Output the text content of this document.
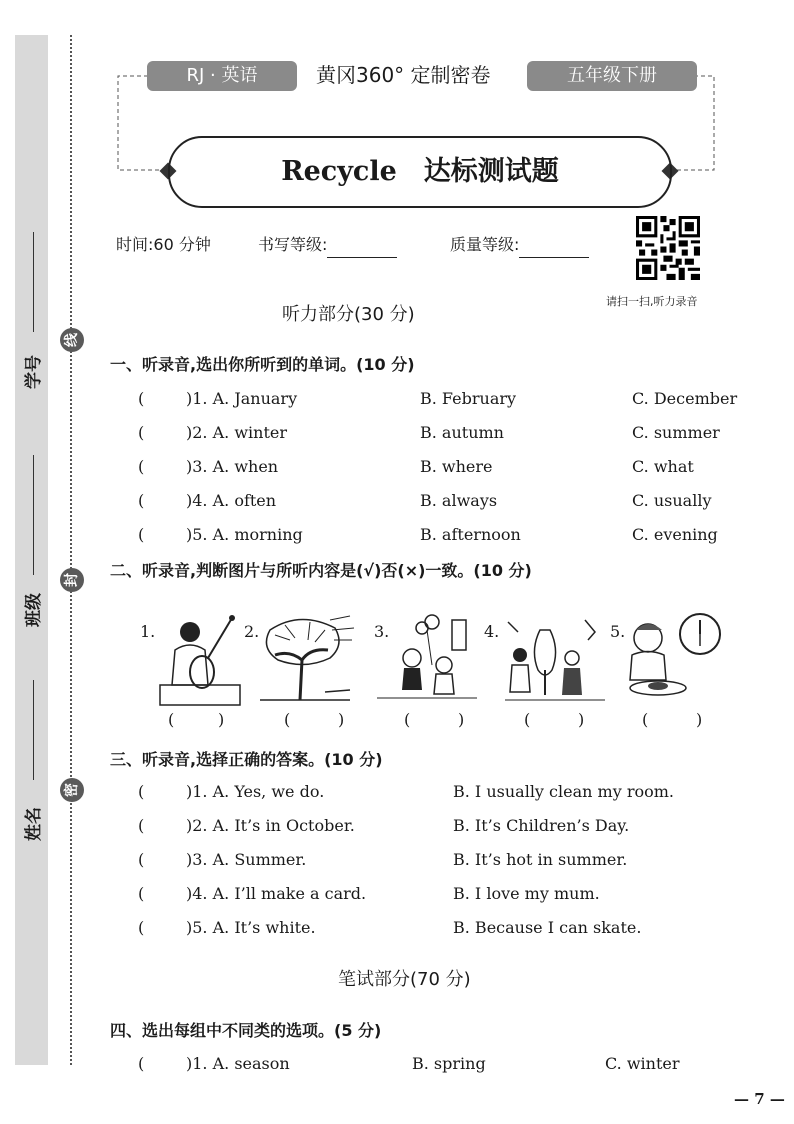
学号
班级
姓名
线
封
密
RJ · 英语	黄冈360° 定制密卷	五年级下册
Recycle　达标测试题
时间:60 分钟	书写等级:	质量等级:
请扫一扫,听力录音
听力部分(30 分)
一、听录音,选出你所听到的单词。(10 分)
(	)1. A. January	B. February	C. December
(	)2. A. winter	B. autumn	C. summer
(	)3. A. when	B. where	C. what
(	)4. A. often	B. always	C. usually
(	)5. A. morning	B. afternoon	C. evening
二、听录音,判断图片与所听内容是(√)否(×)一致。(10 分)
1.	2.	3.	4.	5.
(	)	(	)	(	)	(	)	(	)
三、听录音,选择正确的答案。(10 分)
(	)1. A. Yes, we do.	B. I usually clean my room.
(	)2. A. It’s in October.	B. It’s Children’s Day.
(	)3. A. Summer.	B. It’s hot in summer.
(	)4. A. I’ll make a card.	B. I love my mum.
(	)5. A. It’s white.	B. Because I can skate.
笔试部分(70 分)
四、选出每组中不同类的选项。(5 分)
(	)1. A. season	B. spring	C. winter
— 7 —
